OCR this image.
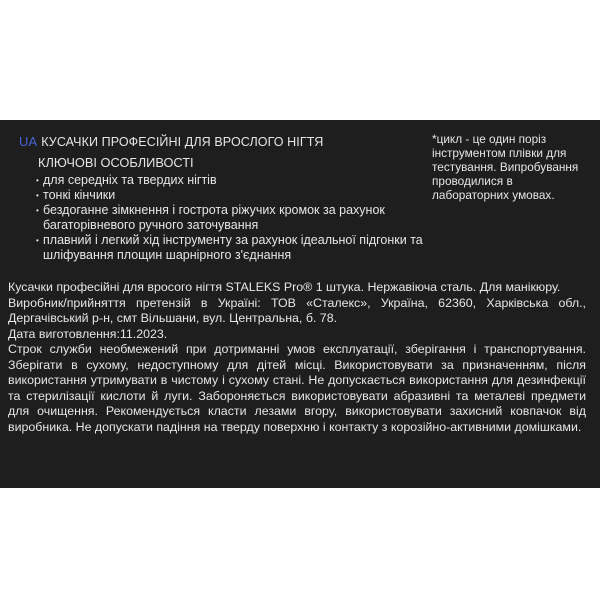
UA КУСАЧКИ ПРОФЕСІЙНІ ДЛЯ ВРОСЛОГО НІГТЯ
КЛЮЧОВІ ОСОБЛИВОСТІ
• для середніх та твердих нігтів
• тонкі кінчики
• бездоганне зімкнення і гострота ріжучих кромок за рахунок багаторівневого ручного заточування
• плавний і легкий хід інструменту за рахунок ідеальної підгонки та шліфування площин шарнірного з'єднання
*цикл - це один поріз інструментом плівки для тестування. Випробування проводилися в лабораторних умовах.

Кусачки професійні для вросого нігтя STALEKS Pro® 1 штука. Нержавіюча сталь. Для манікюру.

Виробник/прийняття претензій в Україні: ТОВ «Сталекс», Україна, 62360, Харківська обл., Дергачівський р-н, смт Вільшани, вул. Центральна, б. 78.

Дата виготовлення:11.2023.

Строк служби необмежений при дотриманні умов експлуатації, зберігання і транспортування. Зберігати в сухому, недоступному для дітей місці. Використовувати за призначенням, після використання утримувати в чистому і сухому стані. Не допускається використання для дезинфекції та стерилізації кислоти й луги. Забороняється використовувати абразивні та металеві предмети для очищення. Рекомендується класти лезами вгору, використовувати захисний ковпачок від виробника. Не допускати падіння на тверду поверхню і контакту з корозійно-активними домішками.
